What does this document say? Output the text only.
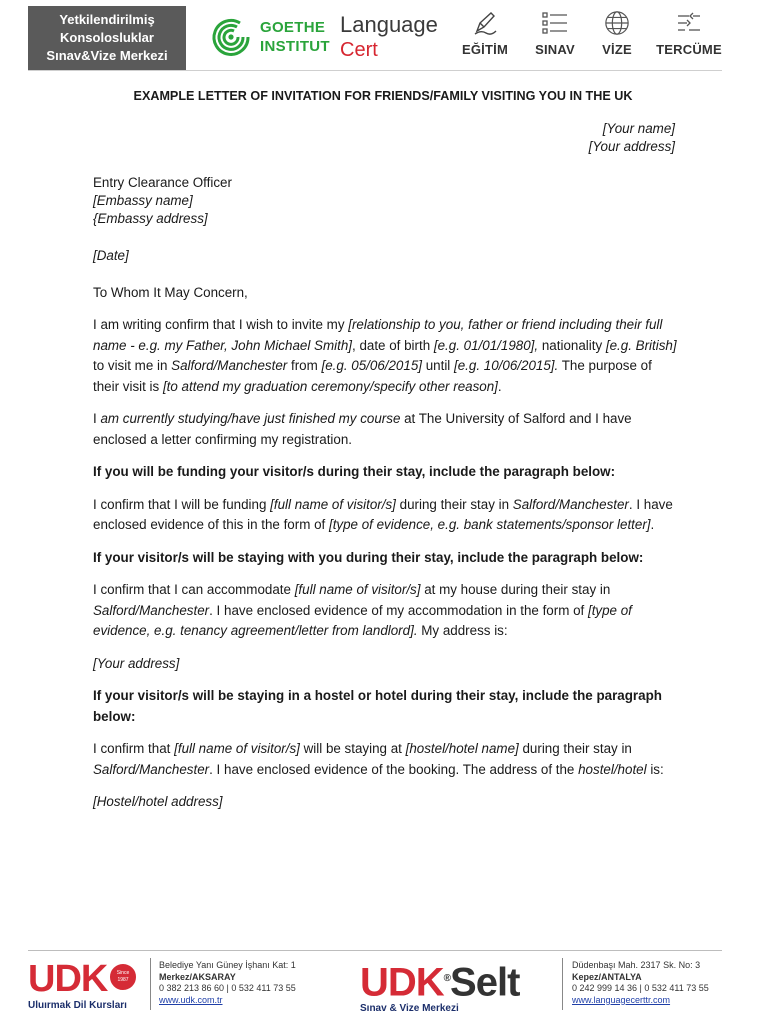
Yetkilendirilmiş
Konsolosluklar
Sınav&Vize Merkezi
GOETHE
INSTITUT
Language
Cert	EĞİTİM	SINAV	VİZE	TERCÜME
EXAMPLE LETTER OF INVITATION FOR FRIENDS/FAMILY VISITING YOU IN THE UK
[Your name]
[Your address]
Entry Clearance Officer
[Embassy name]
{Embassy address]

[Date]

To Whom It May Concern,

I am writing confirm that I wish to invite my [relationship to you, father or friend including their full name - e.g. my Father, John Michael Smith], date of birth [e.g. 01/01/1980], nationality [e.g. British] to visit me in Salford/Manchester from [e.g. 05/06/2015] until [e.g. 10/06/2015]. The purpose of their visit is [to attend my graduation ceremony/specify other reason].

I am currently studying/have just finished my course at The University of Salford and I have enclosed a letter confirming my registration.

If you will be funding your visitor/s during their stay, include the paragraph below:

I confirm that I will be funding [full name of visitor/s] during their stay in Salford/Manchester. I have enclosed evidence of this in the form of [type of evidence, e.g. bank statements/sponsor letter].

If your visitor/s will be staying with you during their stay, include the paragraph below:

I confirm that I can accommodate [full name of visitor/s] at my house during their stay in Salford/Manchester. I have enclosed evidence of my accommodation in the form of [type of evidence, e.g. tenancy agreement/letter from landlord]. My address is:

[Your address]

If your visitor/s will be staying in a hostel or hotel during their stay, include the paragraph below:

I confirm that [full name of visitor/s] will be staying at [hostel/hotel name] during their stay in Salford/Manchester. I have enclosed evidence of the booking. The address of the hostel/hotel is:

[Hostel/hotel address]

UDK	Since
1987
Uluırmak Dil Kursları
Belediye Yanı Güney İşhanı Kat: 1
Merkez/AKSARAY
0 382 213 86 60 | 0 532 411 73 55
www.udk.com.tr	UDK®Selt
Sınav & Vize Merkezi
Düdenbaşı Mah. 2317 Sk. No: 3
Kepez/ANTALYA
0 242 999 14 36 | 0 532 411 73 55
www.languagecerttr.com
